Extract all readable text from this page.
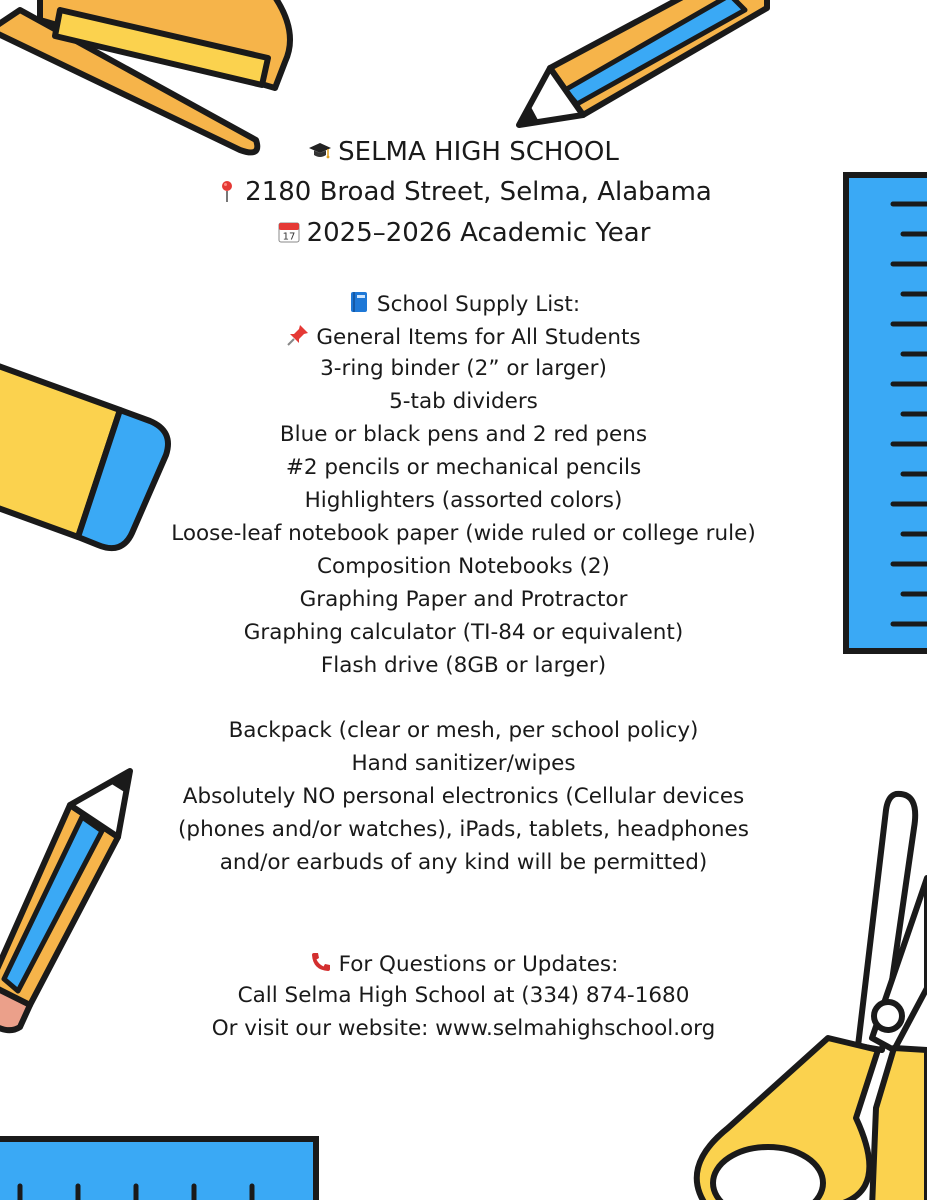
SELMA HIGH SCHOOL
2180 Broad Street, Selma, Alabama
17 2025–2026 Academic Year
School Supply List:
General Items for All Students
3-ring binder (2” or larger)
5-tab dividers
Blue or black pens and 2 red pens
#2 pencils or mechanical pencils
Highlighters (assorted colors)
Loose-leaf notebook paper (wide ruled or college rule)
Composition Notebooks (2)
Graphing Paper and Protractor
Graphing calculator (TI-84 or equivalent)
Flash drive (8GB or larger)
Backpack (clear or mesh, per school policy)
Hand sanitizer/wipes
Absolutely NO personal electronics (Cellular devices
(phones and/or watches), iPads, tablets, headphones
and/or earbuds of any kind will be permitted)
For Questions or Updates:
Call Selma High School at (334) 874-1680
Or visit our website: www.selmahighschool.org
